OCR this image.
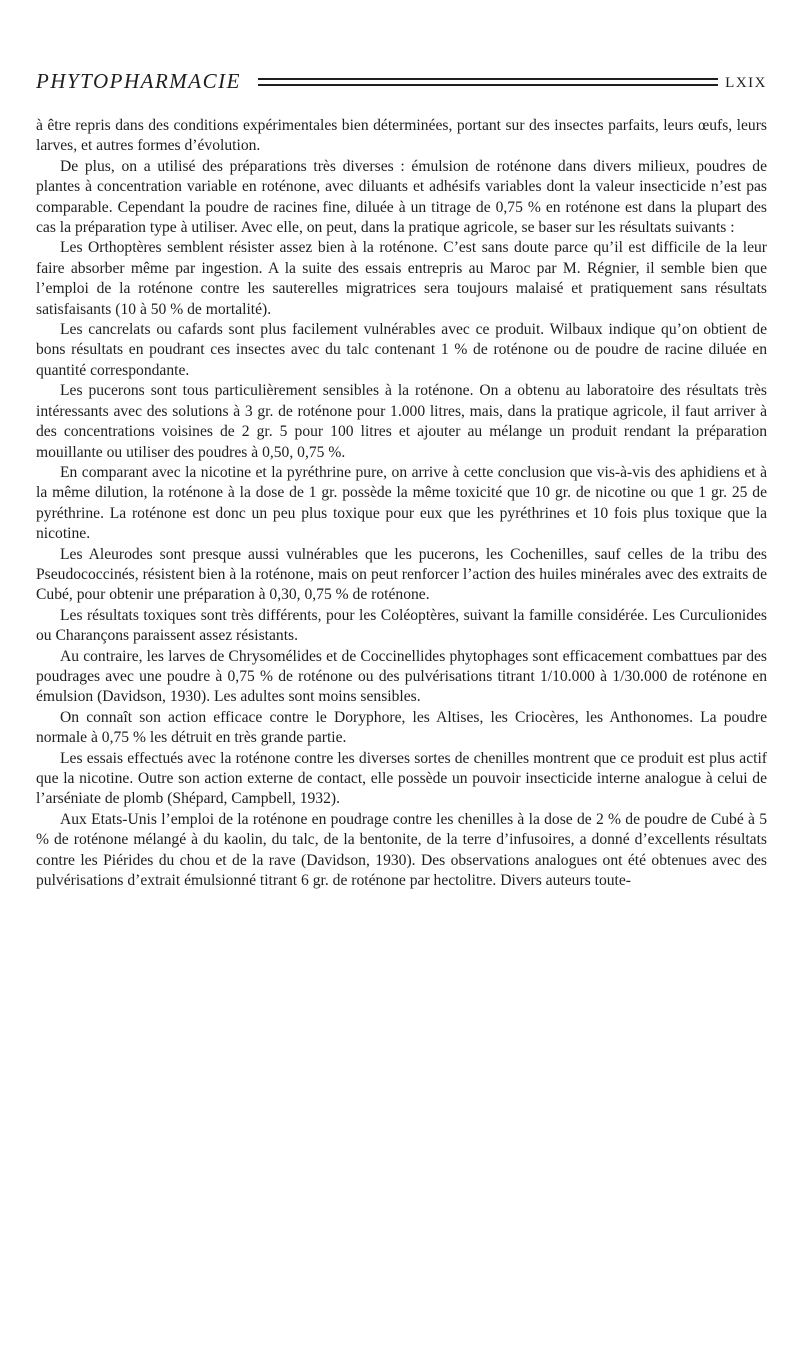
PHYTOPHARMACIE	LXIX

à être repris dans des conditions expérimentales bien déterminées, portant sur des insectes parfaits, leurs œufs, leurs larves, et autres formes d’évolution.

De plus, on a utilisé des préparations très diverses : émulsion de roténone dans divers milieux, poudres de plantes à concentration variable en roténone, avec diluants et adhésifs variables dont la valeur insecticide n’est pas comparable. Cependant la poudre de racines fine, diluée à un titrage de 0,75 % en roténone est dans la plupart des cas la préparation type à utiliser. Avec elle, on peut, dans la pratique agricole, se baser sur les résultats suivants :

Les Orthoptères semblent résister assez bien à la roténone. C’est sans doute parce qu’il est difficile de la leur faire absorber même par ingestion. A la suite des essais entrepris au Maroc par M. Régnier, il semble bien que l’emploi de la roténone contre les sauterelles migratrices sera toujours malaisé et pratiquement sans résultats satisfaisants (10 à 50 % de mortalité).

Les cancrelats ou cafards sont plus facilement vulnérables avec ce produit. Wilbaux indique qu’on obtient de bons résultats en poudrant ces insectes avec du talc contenant 1 % de roténone ou de poudre de racine diluée en quantité correspondante.

Les pucerons sont tous particulièrement sensibles à la roténone. On a obtenu au laboratoire des résultats très intéressants avec des solutions à 3 gr. de roténone pour 1.000 litres, mais, dans la pratique agricole, il faut arriver à des concentrations voisines de 2 gr. 5 pour 100 litres et ajouter au mélange un produit rendant la préparation mouillante ou utiliser des poudres à 0,50, 0,75 %.

En comparant avec la nicotine et la pyréthrine pure, on arrive à cette conclusion que vis-à-vis des aphidiens et à la même dilution, la roténone à la dose de 1 gr. possède la même toxicité que 10 gr. de nicotine ou que 1 gr. 25 de pyréthrine. La roténone est donc un peu plus toxique pour eux que les pyréthrines et 10 fois plus toxique que la nicotine.

Les Aleurodes sont presque aussi vulnérables que les pucerons, les Cochenilles, sauf celles de la tribu des Pseudococcinés, résistent bien à la roténone, mais on peut renforcer l’action des huiles minérales avec des extraits de Cubé, pour obtenir une préparation à 0,30, 0,75 % de roténone.

Les résultats toxiques sont très différents, pour les Coléoptères, suivant la famille considérée. Les Curculionides ou Charançons paraissent assez résistants.

Au contraire, les larves de Chrysomélides et de Coccinellides phytophages sont efficacement combattues par des poudrages avec une poudre à 0,75 % de roténone ou des pulvérisations titrant 1/10.000 à 1/30.000 de roténone en émulsion (Davidson, 1930). Les adultes sont moins sensibles.

On connaît son action efficace contre le Doryphore, les Altises, les Criocères, les Anthonomes. La poudre normale à 0,75 % les détruit en très grande partie.

Les essais effectués avec la roténone contre les diverses sortes de chenilles montrent que ce produit est plus actif que la nicotine. Outre son action externe de contact, elle possède un pouvoir insecticide interne analogue à celui de l’arséniate de plomb (Shépard, Campbell, 1932).

Aux Etats-Unis l’emploi de la roténone en poudrage contre les chenilles à la dose de 2 % de poudre de Cubé à 5 % de roténone mélangé à du kaolin, du talc, de la bentonite, de la terre d’infusoires, a donné d’excellents résultats contre les Piérides du chou et de la rave (Davidson, 1930). Des observations analogues ont été obtenues avec des pulvérisations d’extrait émulsionné titrant 6 gr. de roténone par hectolitre. Divers auteurs toute-
